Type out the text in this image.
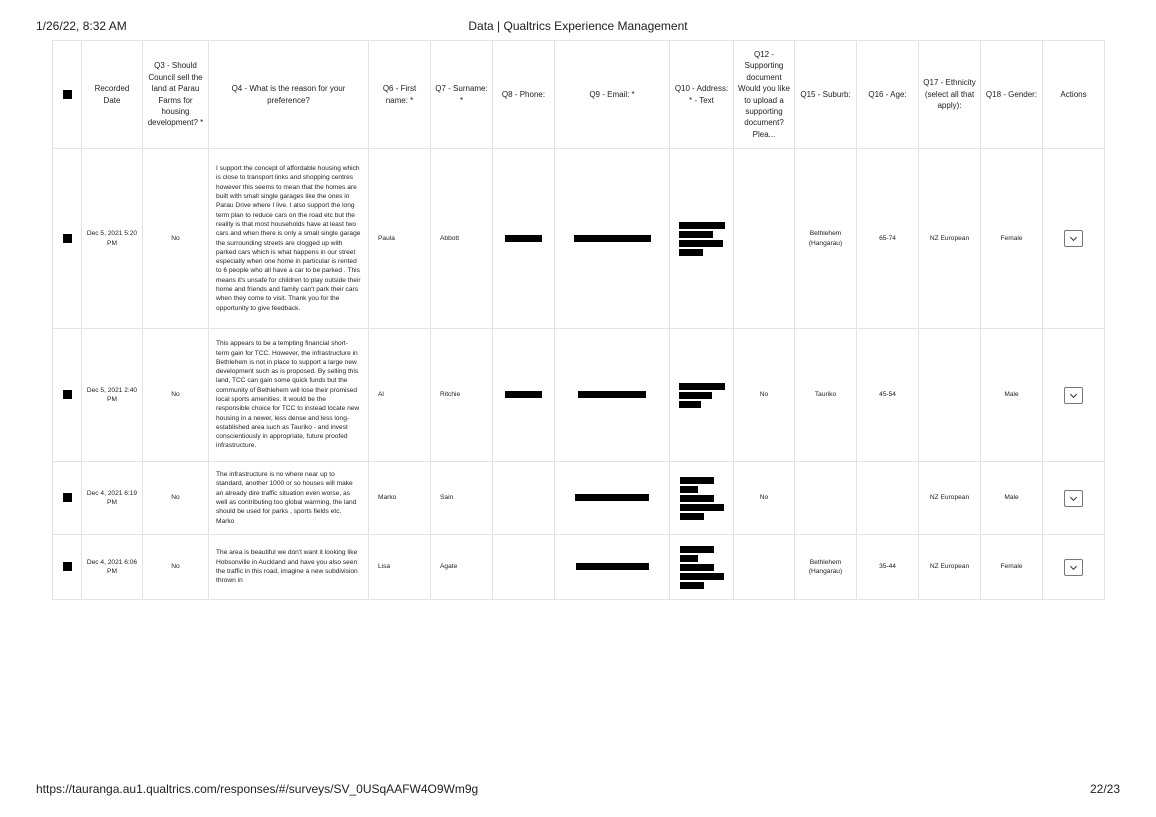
1/26/22, 8:32 AM	Data | Qualtrics Experience Management
	Recorded Date	Q3 - Should Council sell the land at Parau Farms for housing development? *	Q4 - What is the reason for your preference?	Q6 - First name: *	Q7 - Surname: *	Q8 - Phone:	Q9 - Email: *	Q10 - Address: * - Text	Q12 - Supporting document Would you like to upload a supporting document? Plea...	Q15 - Suburb:	Q16 - Age:	Q17 - Ethnicity (select all that apply):	Q18 - Gender:	Actions
	Dec 5, 2021 5:20 PM	No	I support the concept of affordable housing which is close to transport links and shopping centres however this seems to mean that the homes are built with small single garages like the ones in Parau Drive where I live. I also support the long term plan to reduce cars on the road etc but the reality is that most households have at least two cars and when there is only a small single garage the surrounding streets are clogged up with parked cars which is what happens in our street especially when one home in particular is rented to 6 people who all have a car to be parked . This means it's unsafe for children to play outside their home and friends and family can't park their cars when they come to visit. Thank you for the opportunity to give feedback.	Paula	Abbott					Bethlehem (Hangarau)	65-74	NZ European	Female	

	Dec 5, 2021 2:40 PM	No	This appears to be a tempting financial short-term gain for TCC. However, the infrastructure in Bethlehem is not in place to support a large new development such as is proposed. By selling this land, TCC can gain some quick funds but the community of Bethlehem will lose their promised local sports amenities. It would be the responsible choice for TCC to instead locate new housing in a newer, less dense and less long-established area such as Tauriko - and invest conscientiously in appropriate, future proofed infrastructure.	Al	Ritchie				No	Tauriko	45-54		Male	

	Dec 4, 2021 6:19 PM	No	The infrastructure is no where near up to standard, another 1000 or so houses will make an already dire traffic situation even worse, as well as contributing too global warming, the land should be used for parks , sports fields etc. Marko	Marko	Sain				No			NZ European	Male	

	Dec 4, 2021 6:06 PM	No	The area is beautiful we don't want it looking like Hobsonville in Auckland and have you also seen the traffic in this road, imagine a new subdivision thrown in	Lisa	Agate					Bethlehem (Hangarau)	35-44	NZ European	Female	
https://tauranga.au1.qualtrics.com/responses/#/surveys/SV_0USqAAFW4O9Wm9g	22/23
